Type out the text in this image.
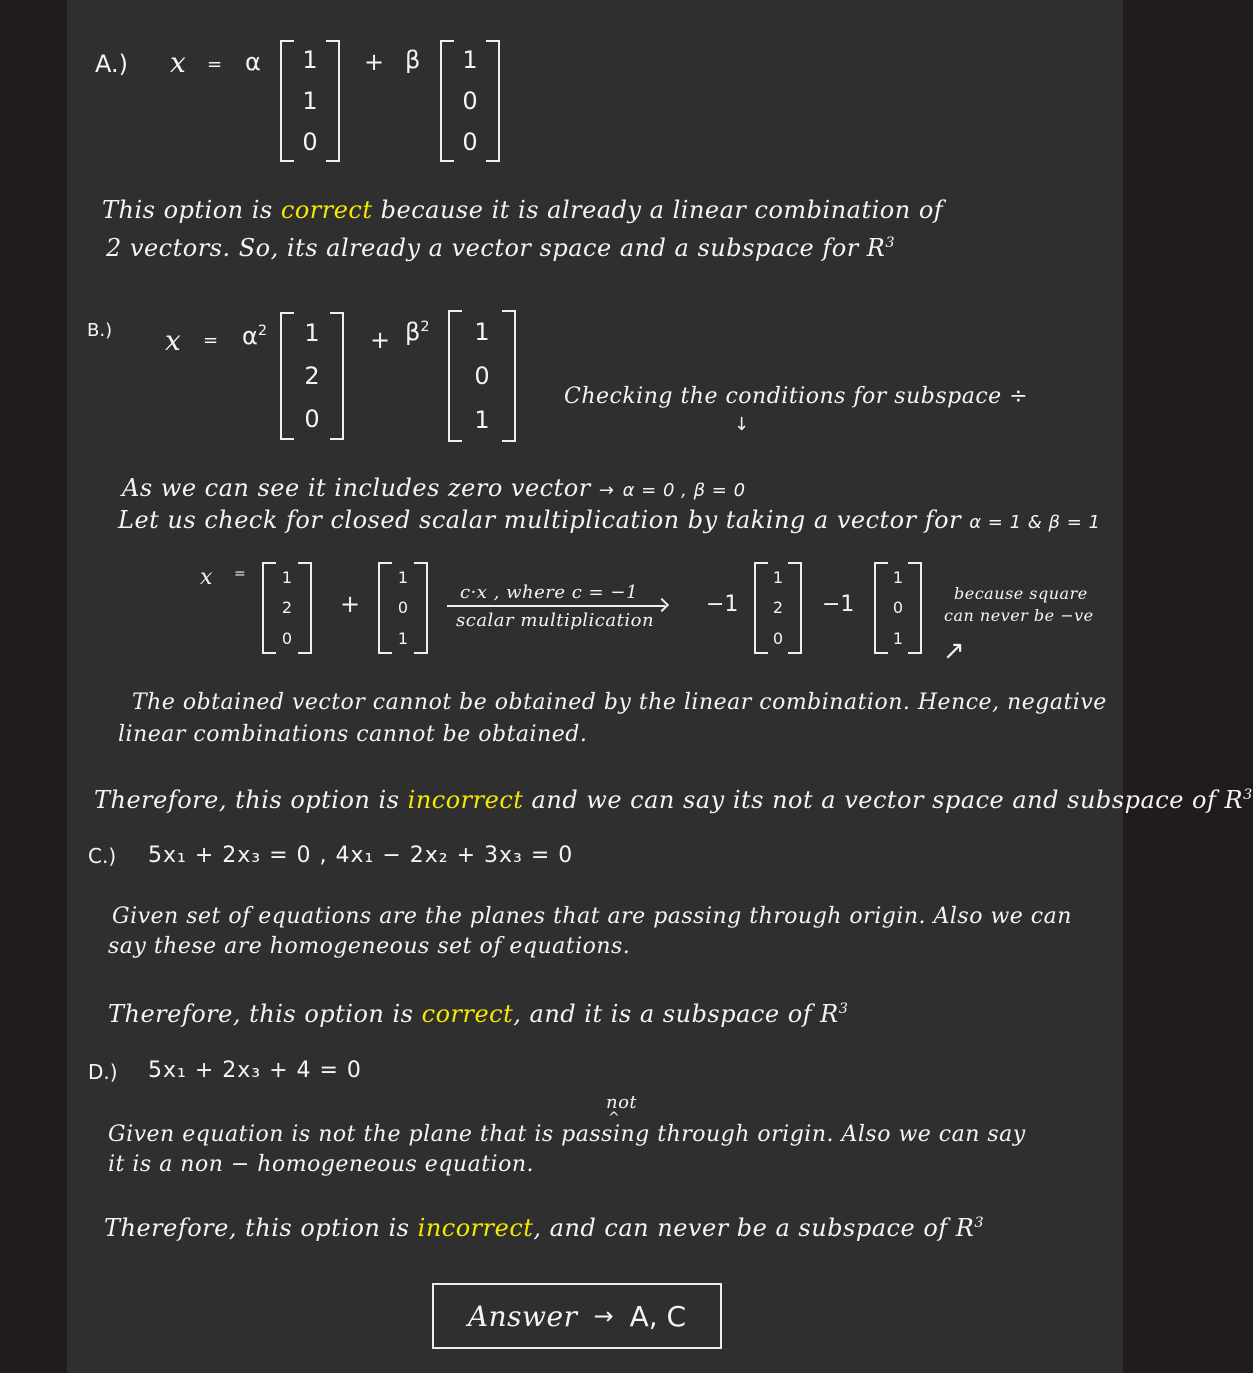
A.) x = α 1
1
0
+ β 1
0
0
This option is correct because it is already a linear combination of
2 vectors. So, its already a vector space and a subspace for $R^3$
B.) $x = \alpha^2$ 1
2
0
+ $\beta^2$ 1
0
1
Checking the conditions for subspace ÷
↓
As we can see it includes zero vector → α = 0 , β = 0
Let us check for closed scalar multiplication by taking a vector for α = 1 & β = 1
x = 1
2
0
+
1
0
1
c·x , where c = −1
scalar multiplication
−1
1
2
0
−1
1
0
1
because square
can never be −ve
↗
The obtained vector cannot be obtained by the linear combination. Hence, negative
linear combinations cannot be obtained.
Therefore, this option is incorrect and we can say its not a vector space and subspace of $R^3$
C.) 5x₁ + 2x₃ = 0 , 4x₁ − 2x₂ + 3x₃ = 0
Given set of equations are the planes that are passing through origin. Also we can
say these are homogeneous set of equations.
Therefore, this option is correct, and it is a subspace of $R^3$
D.) 5x₁ + 2x₃ + 4 = 0
not
^
Given equation is not the plane that is passing through origin. Also we can say
it is a non − homogeneous equation.
Therefore, this option is incorrect, and can never be a subspace of $R^3$
Answer → A, C
